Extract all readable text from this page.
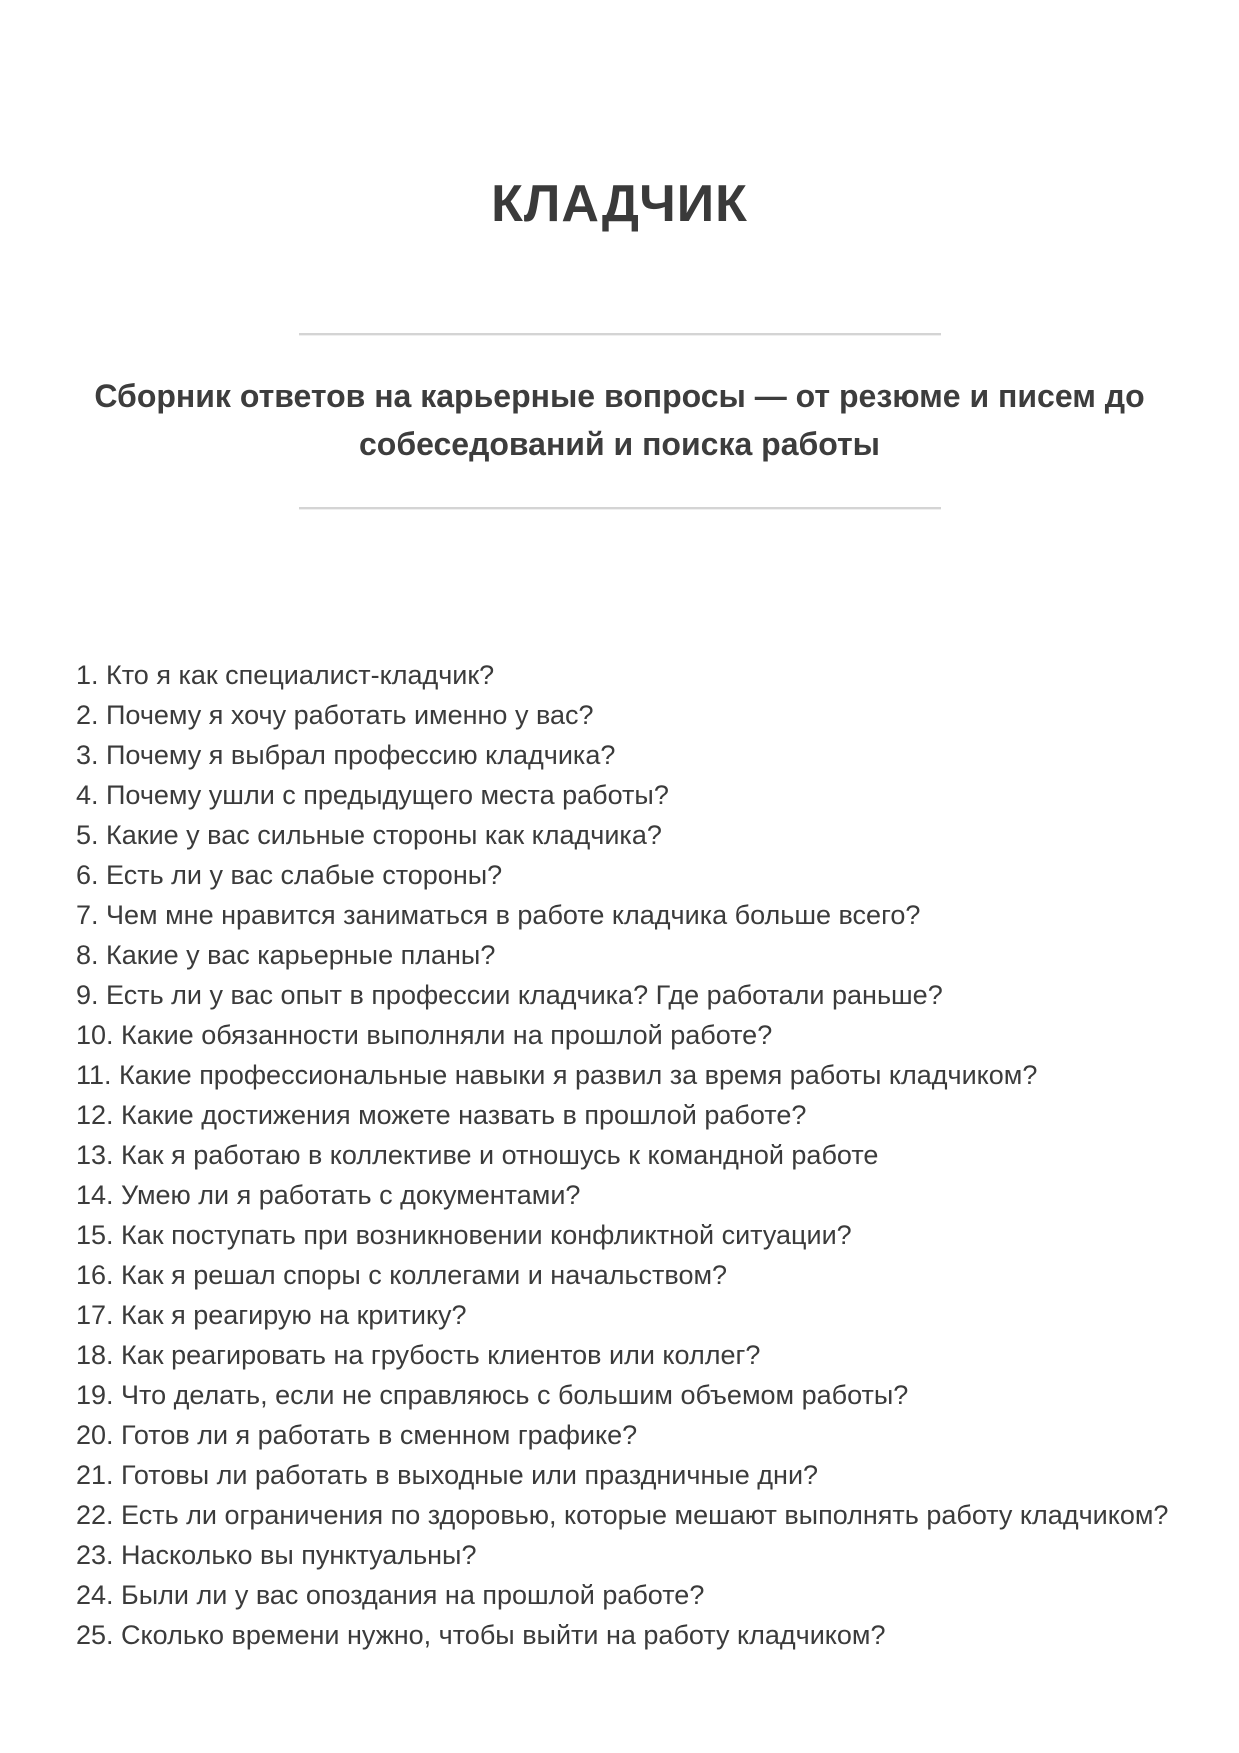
КЛАДЧИК
Сборник ответов на карьерные вопросы — от резюме и писем до
собеседований и поиска работы
1. Кто я как специалист-кладчик?
2. Почему я хочу работать именно у вас?
3. Почему я выбрал профессию кладчика?
4. Почему ушли с предыдущего места работы?
5. Какие у вас сильные стороны как кладчика?
6. Есть ли у вас слабые стороны?
7. Чем мне нравится заниматься в работе кладчика больше всего?
8. Какие у вас карьерные планы?
9. Есть ли у вас опыт в профессии кладчика? Где работали раньше?
10. Какие обязанности выполняли на прошлой работе?
11. Какие профессиональные навыки я развил за время работы кладчиком?
12. Какие достижения можете назвать в прошлой работе?
13. Как я работаю в коллективе и отношусь к командной работе
14. Умею ли я работать с документами?
15. Как поступать при возникновении конфликтной ситуации?
16. Как я решал споры с коллегами и начальством?
17. Как я реагирую на критику?
18. Как реагировать на грубость клиентов или коллег?
19. Что делать, если не справляюсь с большим объемом работы?
20. Готов ли я работать в сменном графике?
21. Готовы ли работать в выходные или праздничные дни?
22. Есть ли ограничения по здоровью, которые мешают выполнять работу кладчиком?
23. Насколько вы пунктуальны?
24. Были ли у вас опоздания на прошлой работе?
25. Сколько времени нужно, чтобы выйти на работу кладчиком?
